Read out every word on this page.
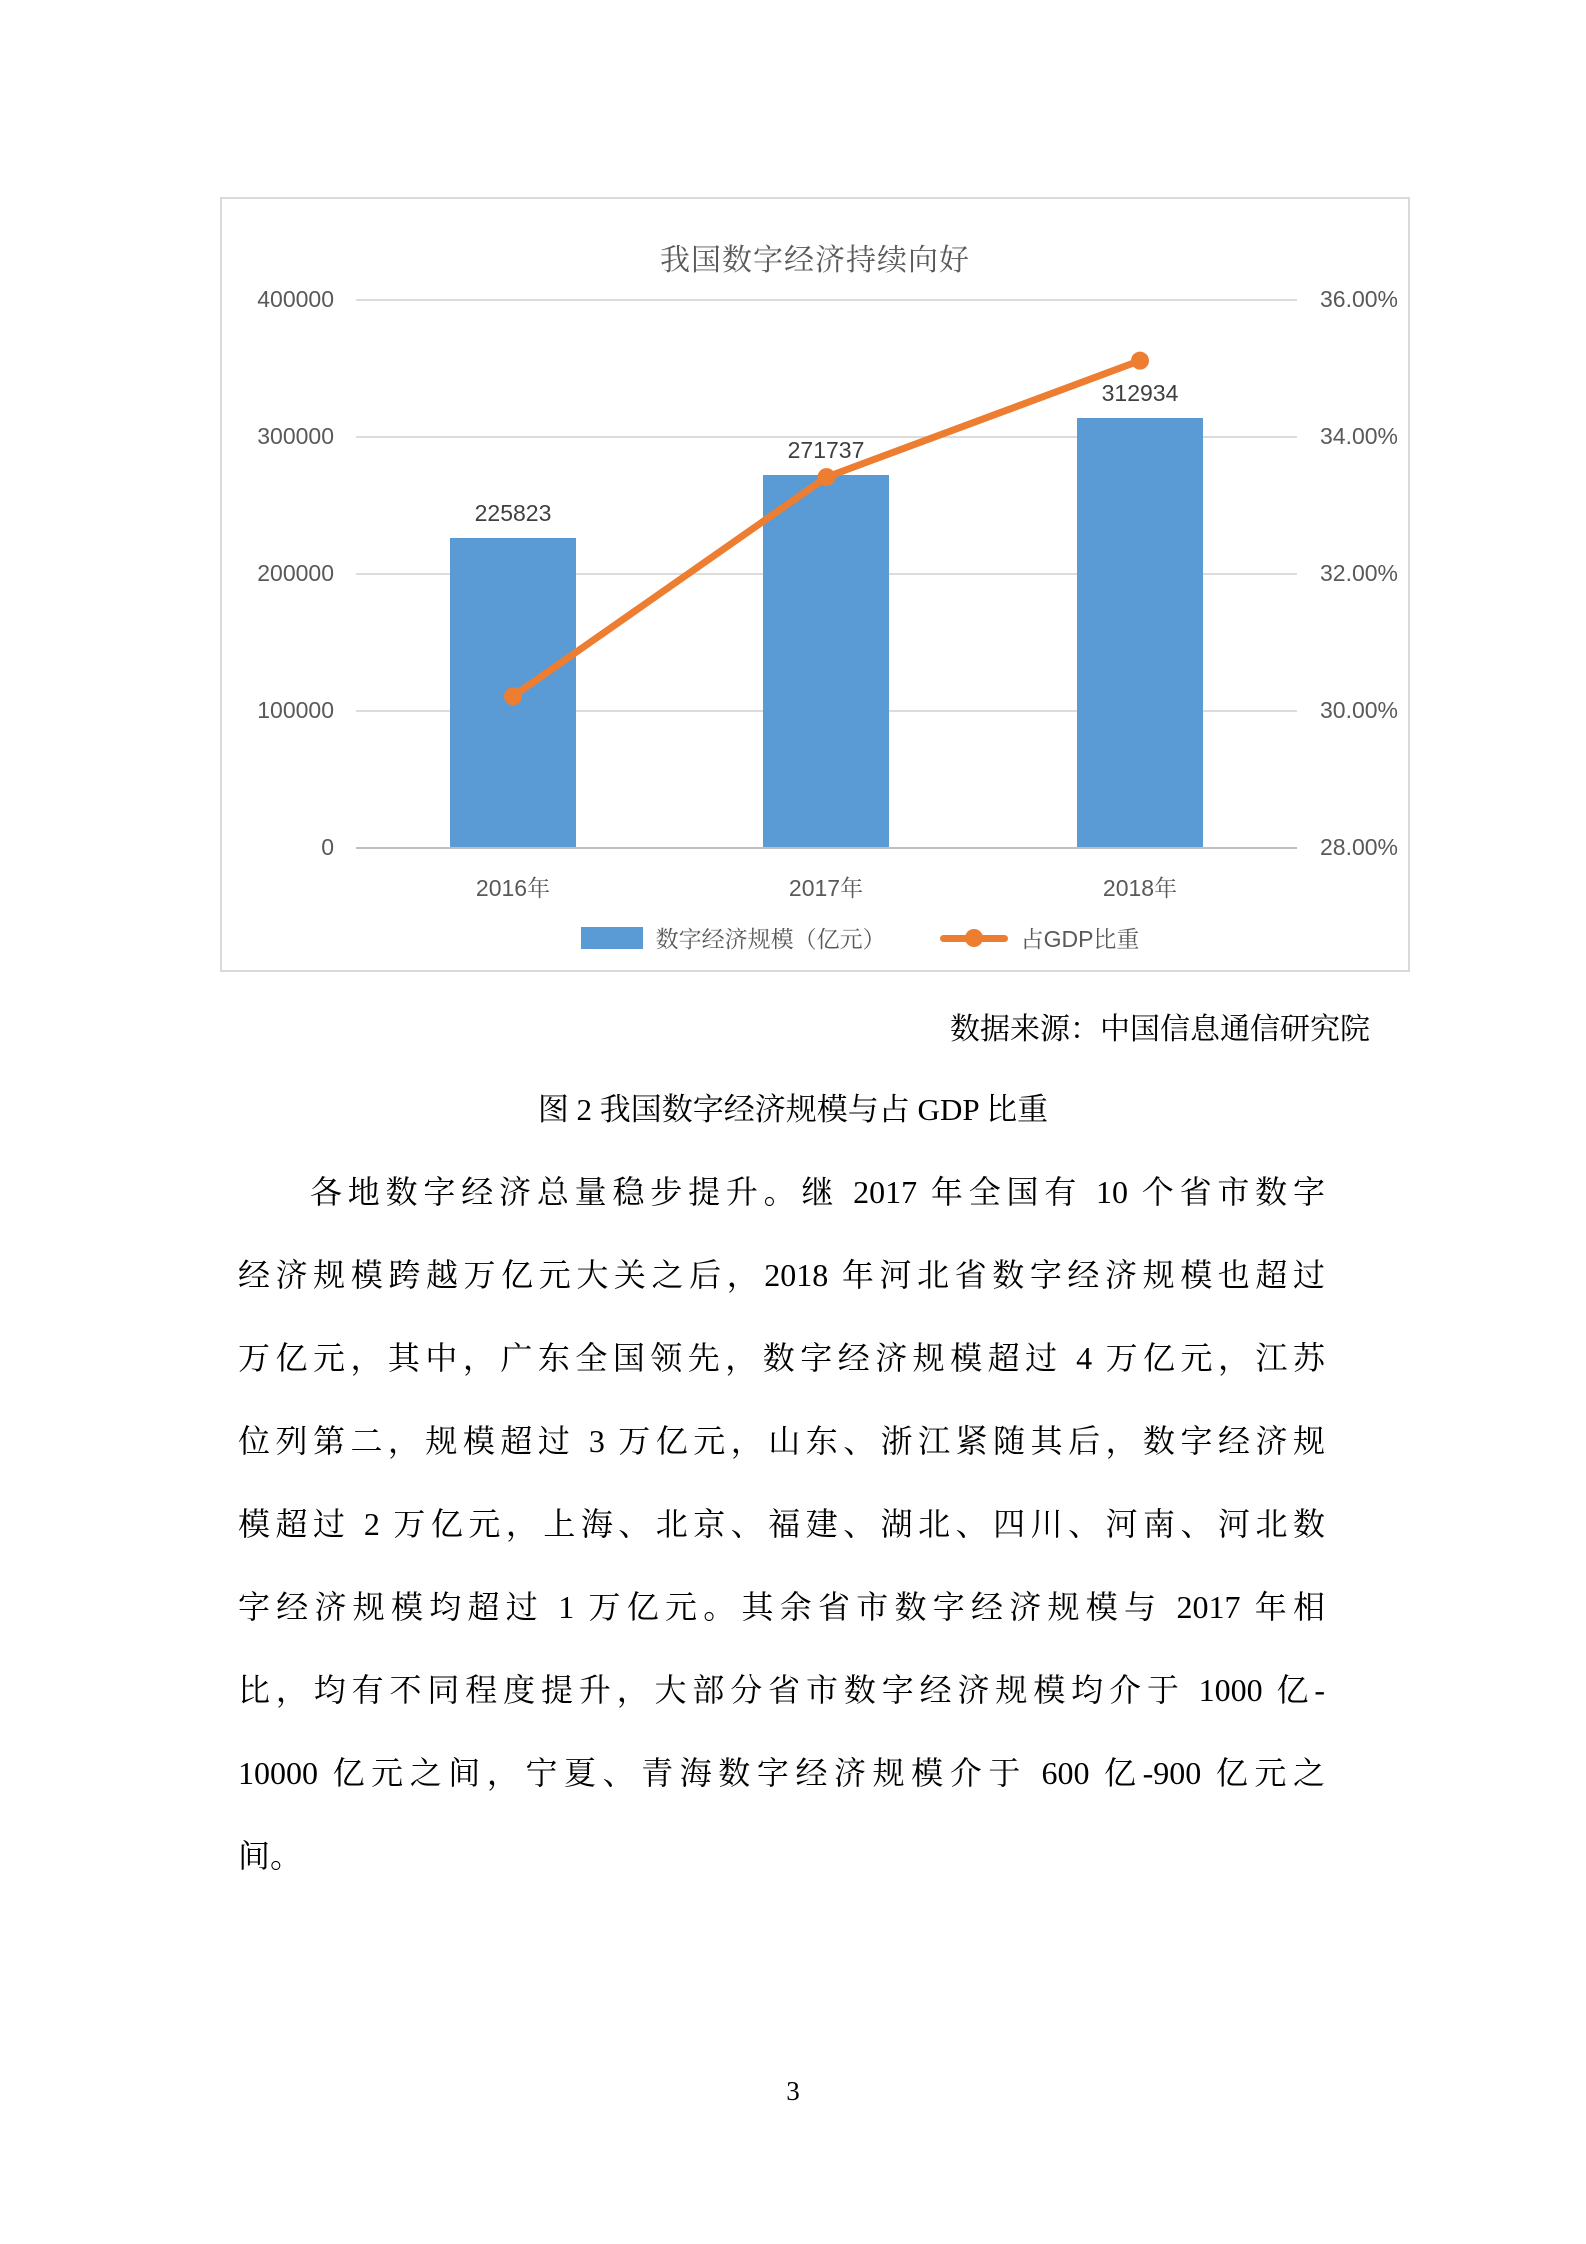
我国数字经济持续向好
400000
300000
200000
100000
0
36.00%
34.00%
32.00%
30.00%
28.00%
225823
271737
312934
2016年	2017年	2018年
数字经济规模（亿元）	占GDP比重
数据来源：中国信息通信研究院
图 2 我国数字经济规模与占 GDP 比重
各地数字经济总量稳步提升。继 2017 年全国有 10 个省市数字
经济规模跨越万亿元大关之后，2018 年河北省数字经济规模也超过
万亿元，其中，广东全国领先，数字经济规模超过 4 万亿元，江苏
位列第二，规模超过 3 万亿元，山东、浙江紧随其后，数字经济规
模超过 2 万亿元，上海、北京、福建、湖北、四川、河南、河北数
字经济规模均超过 1 万亿元。其余省市数字经济规模与 2017 年相
比，均有不同程度提升，大部分省市数字经济规模均介于 1000 亿-
10000 亿元之间，宁夏、青海数字经济规模介于 600 亿-900 亿元之
间。
3
